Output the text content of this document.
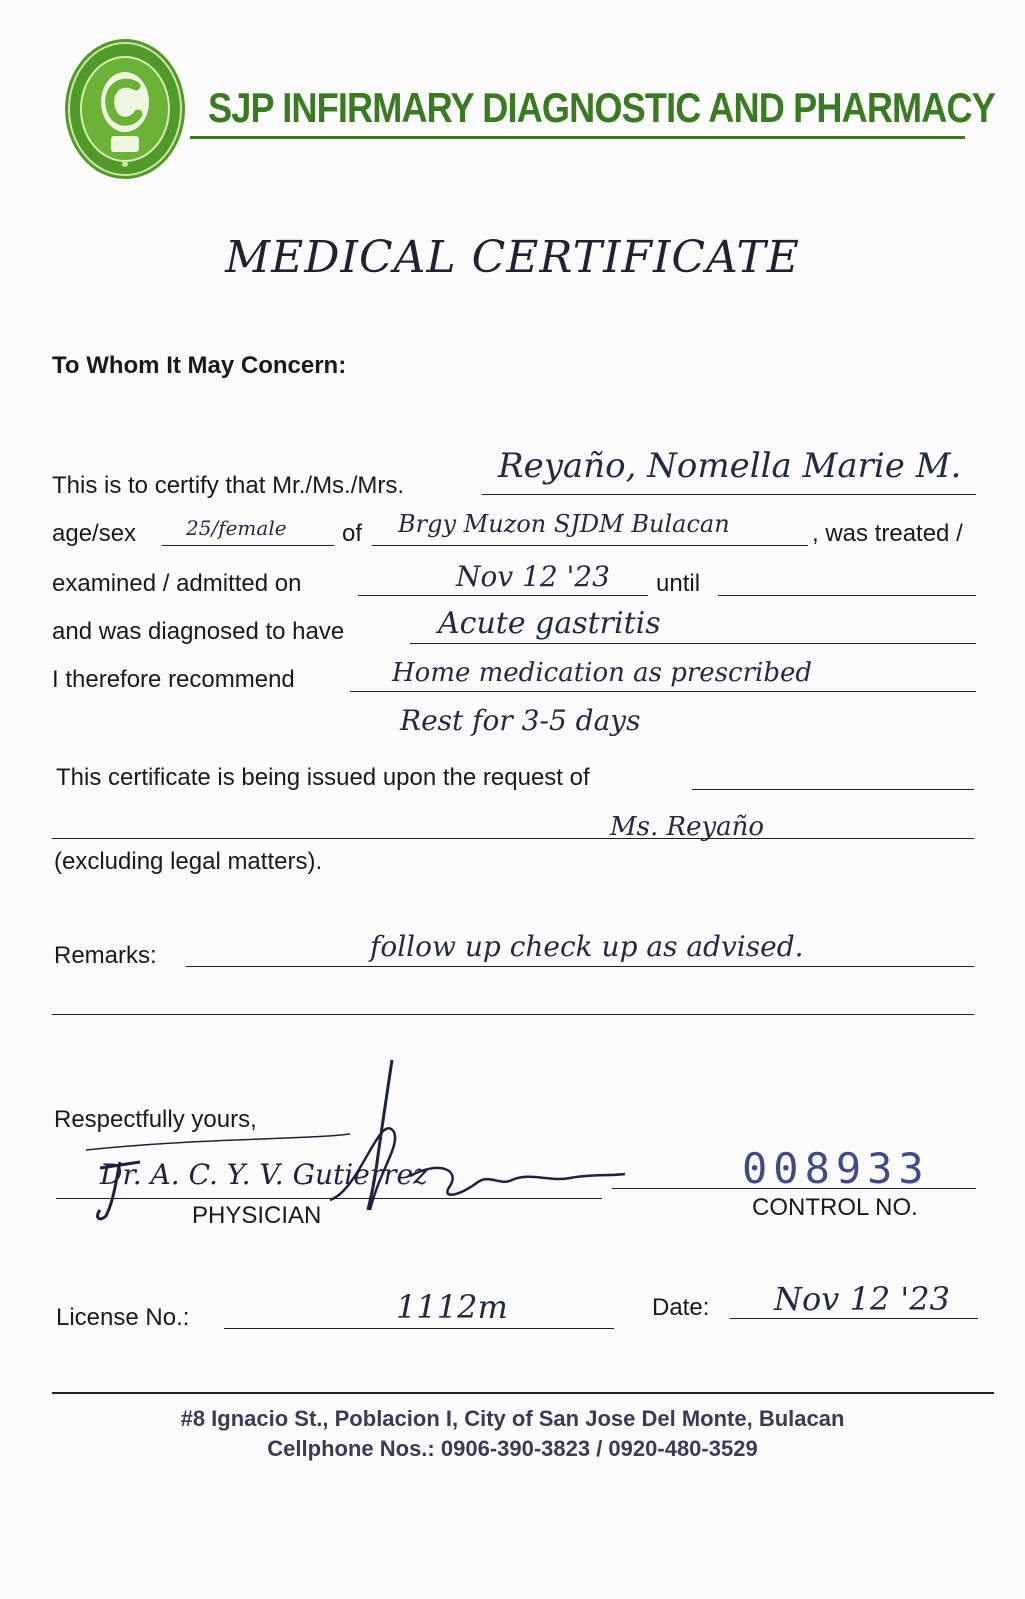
SJP INFIRMARY DIAGNOSTIC AND PHARMACY
MEDICAL CERTIFICATE
To Whom It May Concern:
This is to certify that Mr./Ms./Mrs.	Reyaño, Nomella Marie M.
age/sex 25/female of Brgy Muzon SJDM Bulacan	, was treated /
examined / admitted on	Nov 12 '23 until
and was diagnosed to have	Acute gastritis
I therefore recommend	Home medication as prescribed
Rest for 3-5 days
This certificate is being issued upon the request of
Ms. Reyaño
(excluding legal matters).
Remarks:	follow up check up as advised.
Respectfully yours,
Dr. A. C. Y. V. Gutierrez
PHYSICIAN
008933
CONTROL NO.
License No.:	1112m	Date: Nov 12 '23
#8 Ignacio St., Poblacion I, City of San Jose Del Monte, Bulacan
Cellphone Nos.: 0906-390-3823 / 0920-480-3529
